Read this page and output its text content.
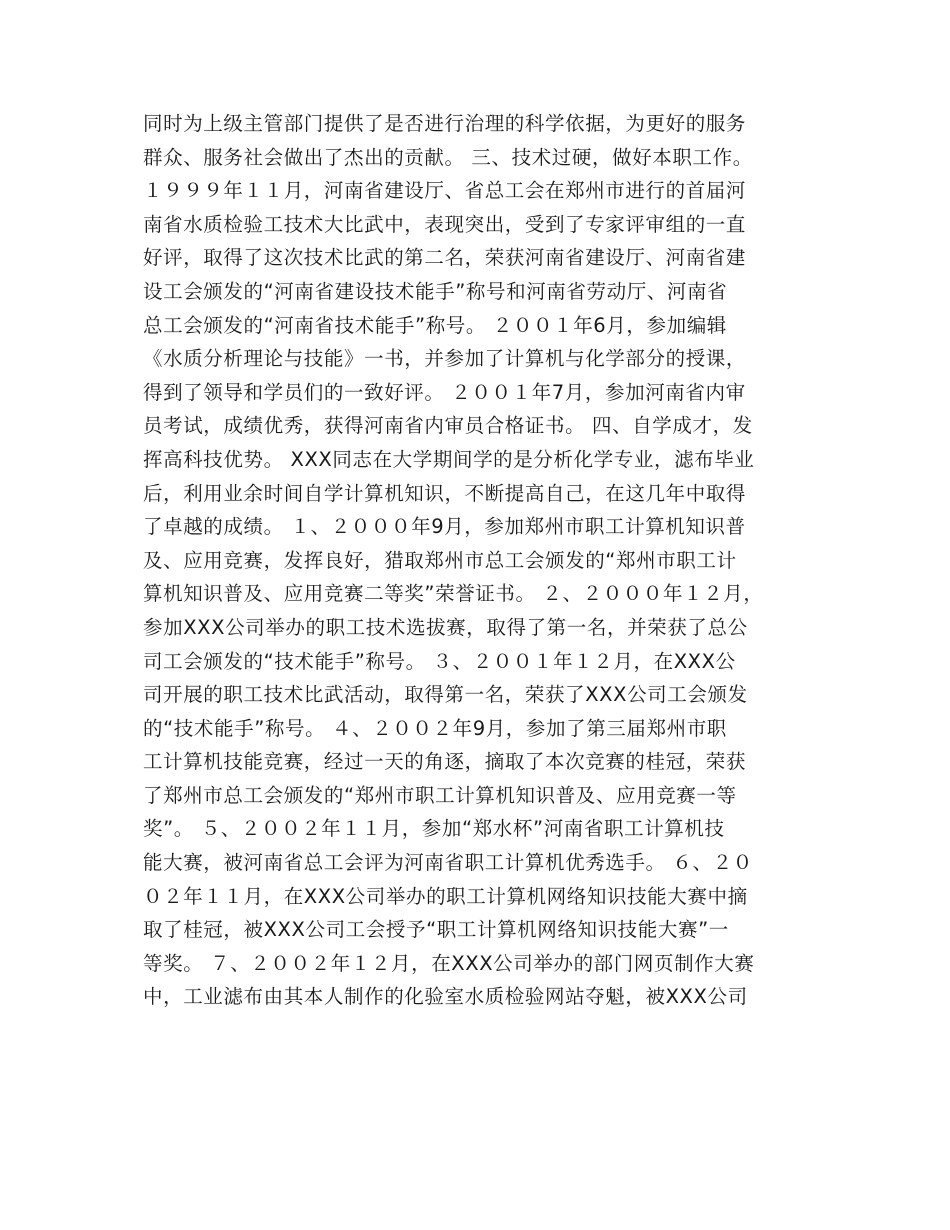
同时为上级主管部门提供了是否进行治理的科学依据，为更好的服务

群众、服务社会做出了杰出的贡献。 三、技术过硬，做好本职工作。

１９９９年１１月，河南省建设厅、省总工会在郑州市进行的首届河

南省水质检验工技术大比武中，表现突出，受到了专家评审组的一直

好评，取得了这次技术比武的第二名，荣获河南省建设厅、河南省建

设工会颁发的“河南省建设技术能手”称号和河南省劳动厅、河南省

总工会颁发的“河南省技术能手”称号。 ２００１年6月，参加编辑

《水质分析理论与技能》一书，并参加了计算机与化学部分的授课，

得到了领导和学员们的一致好评。 ２００１年7月，参加河南省内审

员考试，成绩优秀，获得河南省内审员合格证书。 四、自学成才，发

挥高科技优势。 XXX同志在大学期间学的是分析化学专业，滤布毕业

后，利用业余时间自学计算机知识，不断提高自己，在这几年中取得

了卓越的成绩。 １、２０００年9月，参加郑州市职工计算机知识普

及、应用竞赛，发挥良好，猎取郑州市总工会颁发的“郑州市职工计

算机知识普及、应用竞赛二等奖”荣誉证书。 ２、２０００年１２月，

参加XXX公司举办的职工技术选拔赛，取得了第一名，并荣获了总公

司工会颁发的“技术能手”称号。 ３、２００１年１２月，在XXX公

司开展的职工技术比武活动，取得第一名，荣获了XXX公司工会颁发

的“技术能手”称号。 ４、２００２年9月，参加了第三届郑州市职

工计算机技能竞赛，经过一天的角逐，摘取了本次竞赛的桂冠，荣获

了郑州市总工会颁发的“郑州市职工计算机知识普及、应用竞赛一等

奖”。 ５、２００２年１１月，参加“郑水杯”河南省职工计算机技

能大赛，被河南省总工会评为河南省职工计算机优秀选手。 ６、２０

０２年１１月，在XXX公司举办的职工计算机网络知识技能大赛中摘

取了桂冠，被XXX公司工会授予“职工计算机网络知识技能大赛”一

等奖。 ７、２００２年１２月，在XXX公司举办的部门网页制作大赛

中，工业滤布由其本人制作的化验室水质检验网站夺魁，被XXX公司
